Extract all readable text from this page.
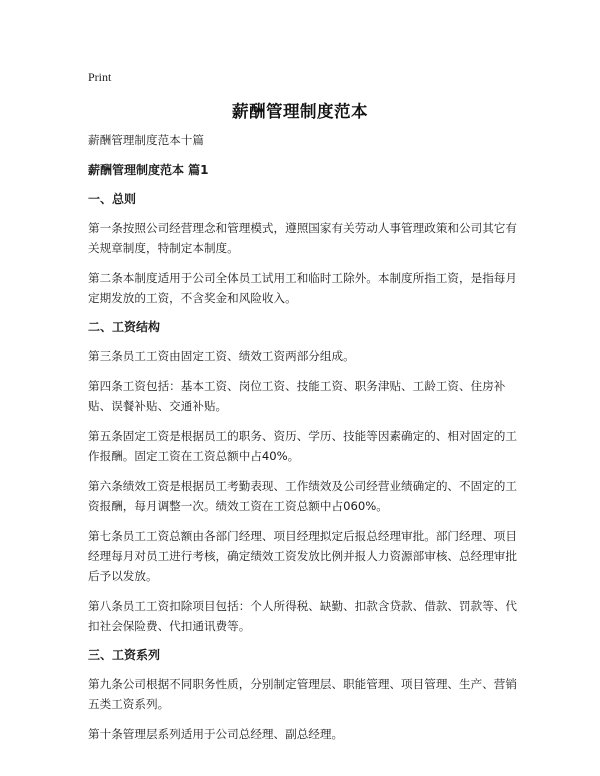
Print
薪酬管理制度范本

薪酬管理制度范本十篇

薪酬管理制度范本 篇1

一、总则

第一条按照公司经营理念和管理模式，遵照国家有关劳动人事管理政策和公司其它有关规章制度，特制定本制度。

第二条本制度适用于公司全体员工试用工和临时工除外。本制度所指工资，是指每月定期发放的工资，不含奖金和风险收入。

二、工资结构

第三条员工工资由固定工资、绩效工资两部分组成。

第四条工资包括：基本工资、岗位工资、技能工资、职务津贴、工龄工资、住房补贴、误餐补贴、交通补贴。

第五条固定工资是根据员工的职务、资历、学历、技能等因素确定的、相对固定的工作报酬。固定工资在工资总额中占40%。

第六条绩效工资是根据员工考勤表现、工作绩效及公司经营业绩确定的、不固定的工资报酬，每月调整一次。绩效工资在工资总额中占060%。

第七条员工工资总额由各部门经理、项目经理拟定后报总经理审批。部门经理、项目经理每月对员工进行考核，确定绩效工资发放比例并报人力资源部审核、总经理审批后予以发放。

第八条员工工资扣除项目包括：个人所得税、缺勤、扣款含贷款、借款、罚款等、代扣社会保险费、代扣通讯费等。

三、工资系列

第九条公司根据不同职务性质，分别制定管理层、职能管理、项目管理、生产、营销五类工资系列。

第十条管理层系列适用于公司总经理、副总经理。
